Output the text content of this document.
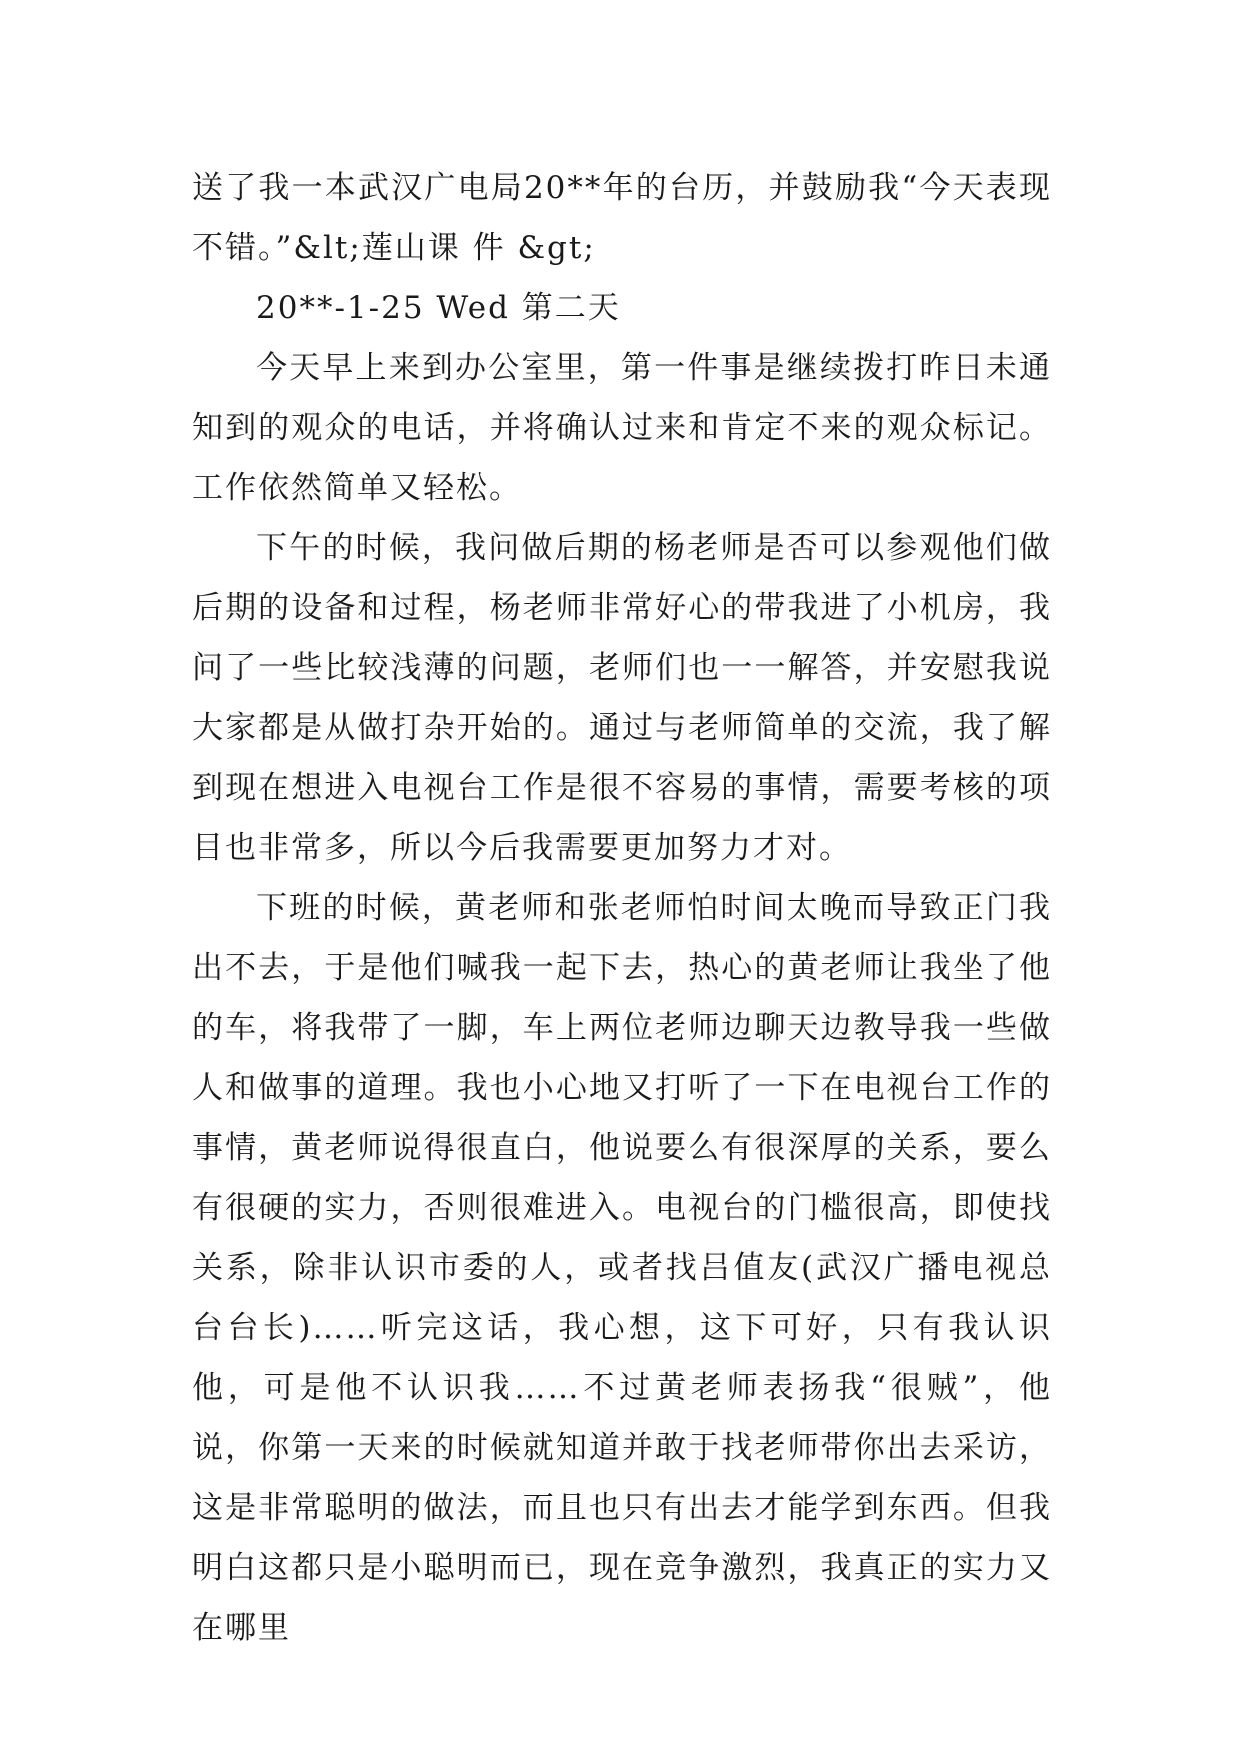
送了我一本武汉广电局20**年的台历，并鼓励我“今天表现不错。”&lt;莲山课 件 &gt;

20**-1-25 Wed 第二天

今天早上来到办公室里，第一件事是继续拨打昨日未通知到的观众的电话，并将确认过来和肯定不来的观众标记。工作依然简单又轻松。

下午的时候，我问做后期的杨老师是否可以参观他们做后期的设备和过程，杨老师非常好心的带我进了小机房，我问了一些比较浅薄的问题，老师们也一一解答，并安慰我说大家都是从做打杂开始的。通过与老师简单的交流，我了解到现在想进入电视台工作是很不容易的事情，需要考核的项目也非常多，所以今后我需要更加努力才对。

下班的时候，黄老师和张老师怕时间太晚而导致正门我出不去，于是他们喊我一起下去，热心的黄老师让我坐了他的车，将我带了一脚，车上两位老师边聊天边教导我一些做人和做事的道理。我也小心地又打听了一下在电视台工作的事情，黄老师说得很直白，他说要么有很深厚的关系，要么有很硬的实力，否则很难进入。电视台的门槛很高，即使找关系，除非认识市委的人，或者找吕值友(武汉广播电视总台台长)……听完这话，我心想，这下可好，只有我认识他，可是他不认识我……不过黄老师表扬我“很贼”，他说，你第一天来的时候就知道并敢于找老师带你出去采访，这是非常聪明的做法，而且也只有出去才能学到东西。但我明白这都只是小聪明而已，现在竞争激烈，我真正的实力又在哪里
